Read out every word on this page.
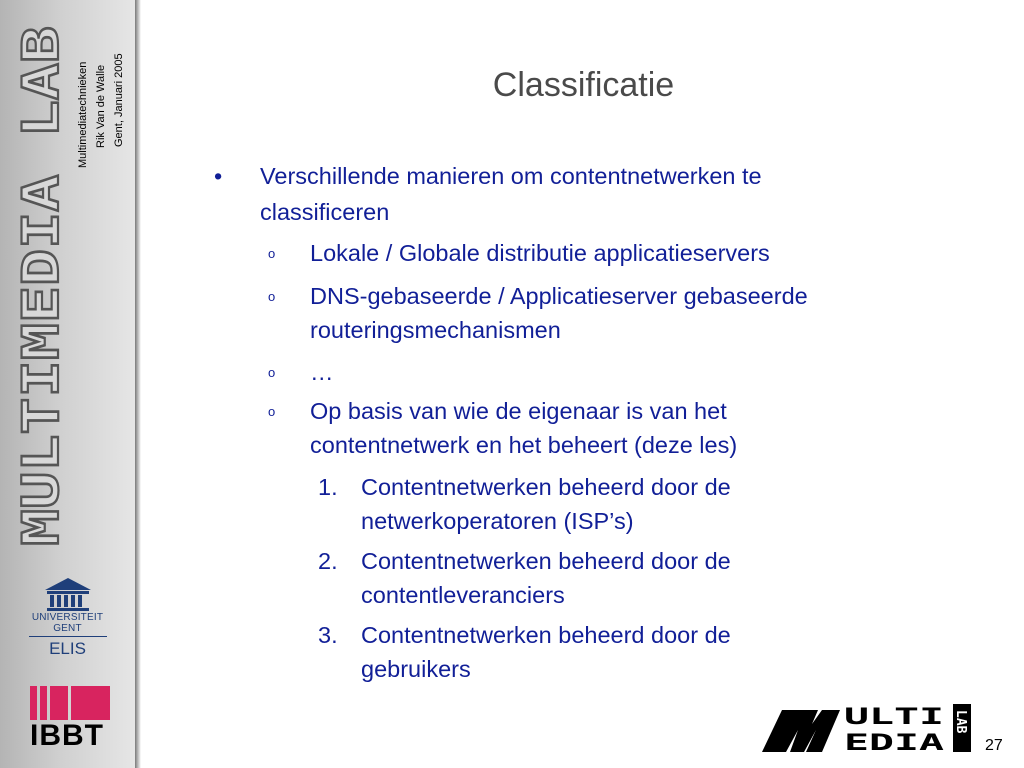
MULTIMEDIA LAB
Multimediatechnieken Rik Van de Walle Gent, Januari 2005
UNIVERSITEIT
GENT
ELIS
IBBT
Classificatie
• Verschillende manieren om contentnetwerken te
classificeren
o Lokale / Globale distributie applicatieservers
o DNS-gebaseerde / Applicatieserver gebaseerde
routeringsmechanismen
o …
o Op basis van wie de eigenaar is van het
contentnetwerk en het beheert (deze les)
1. Contentnetwerken beheerd door de
netwerkoperatoren (ISP’s)
2. Contentnetwerken beheerd door de
contentleveranciers
3. Contentnetwerken beheerd door de
gebruikers
ULTI
EDIA
LAB
27
